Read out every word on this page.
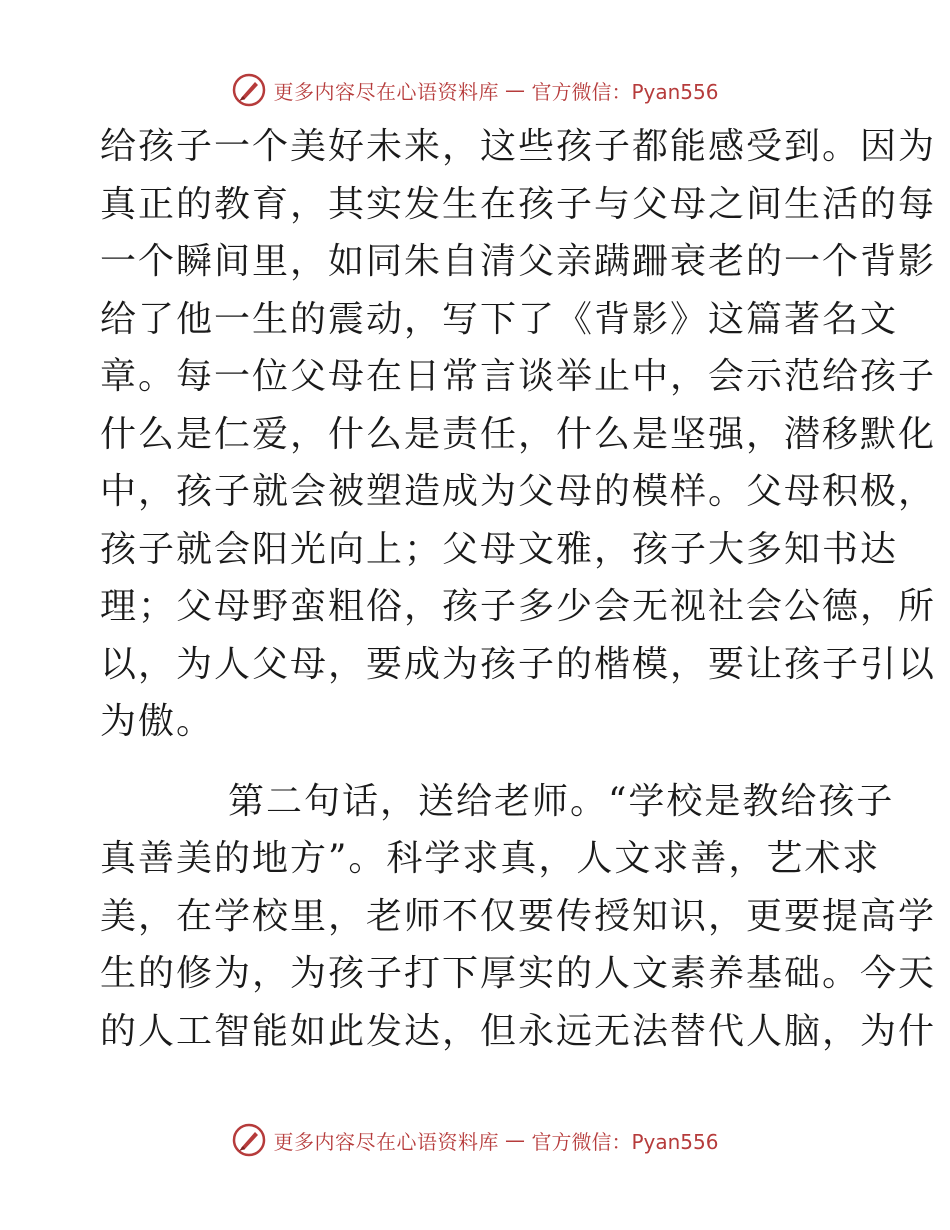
更多内容尽在心语资料库 — 官方微信：Pyan556

给孩子一个美好未来，这些孩子都能感受到。因为
真正的教育，其实发生在孩子与父母之间生活的每
一个瞬间里，如同朱自清父亲蹒跚衰老的一个背影
给了他一生的震动，写下了《背影》这篇著名文
章。每一位父母在日常言谈举止中，会示范给孩子
什么是仁爱，什么是责任，什么是坚强，潜移默化
中，孩子就会被塑造成为父母的模样。父母积极，
孩子就会阳光向上；父母文雅，孩子大多知书达
理；父母野蛮粗俗，孩子多少会无视社会公德，所
以，为人父母，要成为孩子的楷模，要让孩子引以
为傲。

第二句话，送给老师。“学校是教给孩子
真善美的地方”。科学求真，人文求善，艺术求
美，在学校里，老师不仅要传授知识，更要提高学
生的修为，为孩子打下厚实的人文素养基础。今天
的人工智能如此发达，但永远无法替代人脑，为什

更多内容尽在心语资料库 — 官方微信：Pyan556
